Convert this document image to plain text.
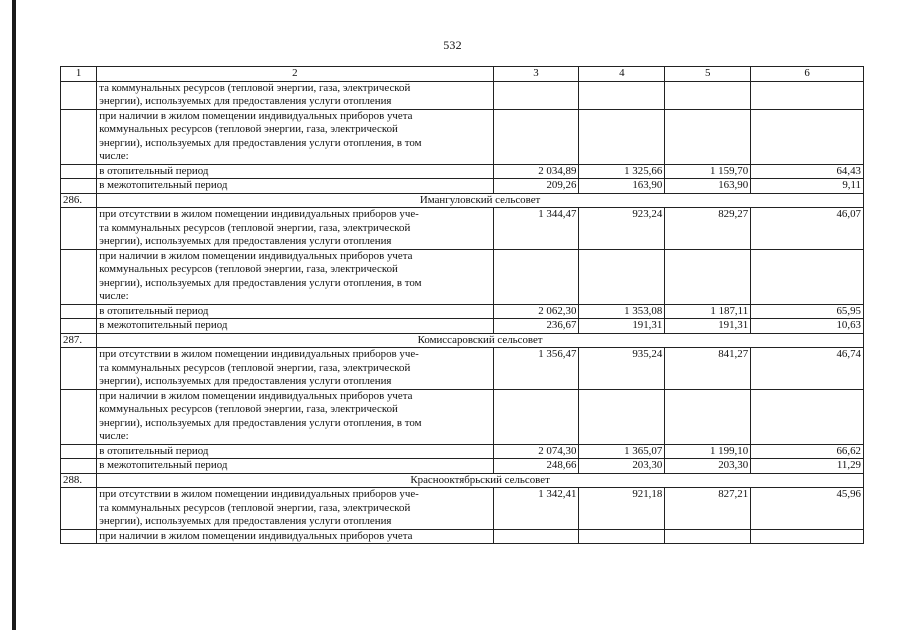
532
1	2	3	4	5	6

	та коммунальных ресурсов (тепловой энергии, газа, электрической
энергии), используемых для предоставления услуги отопления				

	при наличии в жилом помещении индивидуальных приборов учета
коммунальных ресурсов (тепловой энергии, газа, электрической
энергии), используемых для предоставления услуги отопления, в том
числе:				

	в отопительный период	2 034,89	1 325,66	1 159,70	64,43

	в межотопительный период	209,26	163,90	163,90	9,11
286.	Имангуловский сельсовет				

	при отсутствии в жилом помещении индивидуальных приборов уче-
та коммунальных ресурсов (тепловой энергии, газа, электрической
энергии), используемых для предоставления услуги отопления	1 344,47	923,24	829,27	46,07

	при наличии в жилом помещении индивидуальных приборов учета
коммунальных ресурсов (тепловой энергии, газа, электрической
энергии), используемых для предоставления услуги отопления, в том
числе:				

	в отопительный период	2 062,30	1 353,08	1 187,11	65,95

	в межотопительный период	236,67	191,31	191,31	10,63
287.	Комиссаровский сельсовет				

	при отсутствии в жилом помещении индивидуальных приборов уче-
та коммунальных ресурсов (тепловой энергии, газа, электрической
энергии), используемых для предоставления услуги отопления	1 356,47	935,24	841,27	46,74

	при наличии в жилом помещении индивидуальных приборов учета
коммунальных ресурсов (тепловой энергии, газа, электрической
энергии), используемых для предоставления услуги отопления, в том
числе:				

	в отопительный период	2 074,30	1 365,07	1 199,10	66,62

	в межотопительный период	248,66	203,30	203,30	11,29
288.	Краснооктябрьский сельсовет				

	при отсутствии в жилом помещении индивидуальных приборов уче-
та коммунальных ресурсов (тепловой энергии, газа, электрической
энергии), используемых для предоставления услуги отопления	1 342,41	921,18	827,21	45,96

	при наличии в жилом помещении индивидуальных приборов учета				
